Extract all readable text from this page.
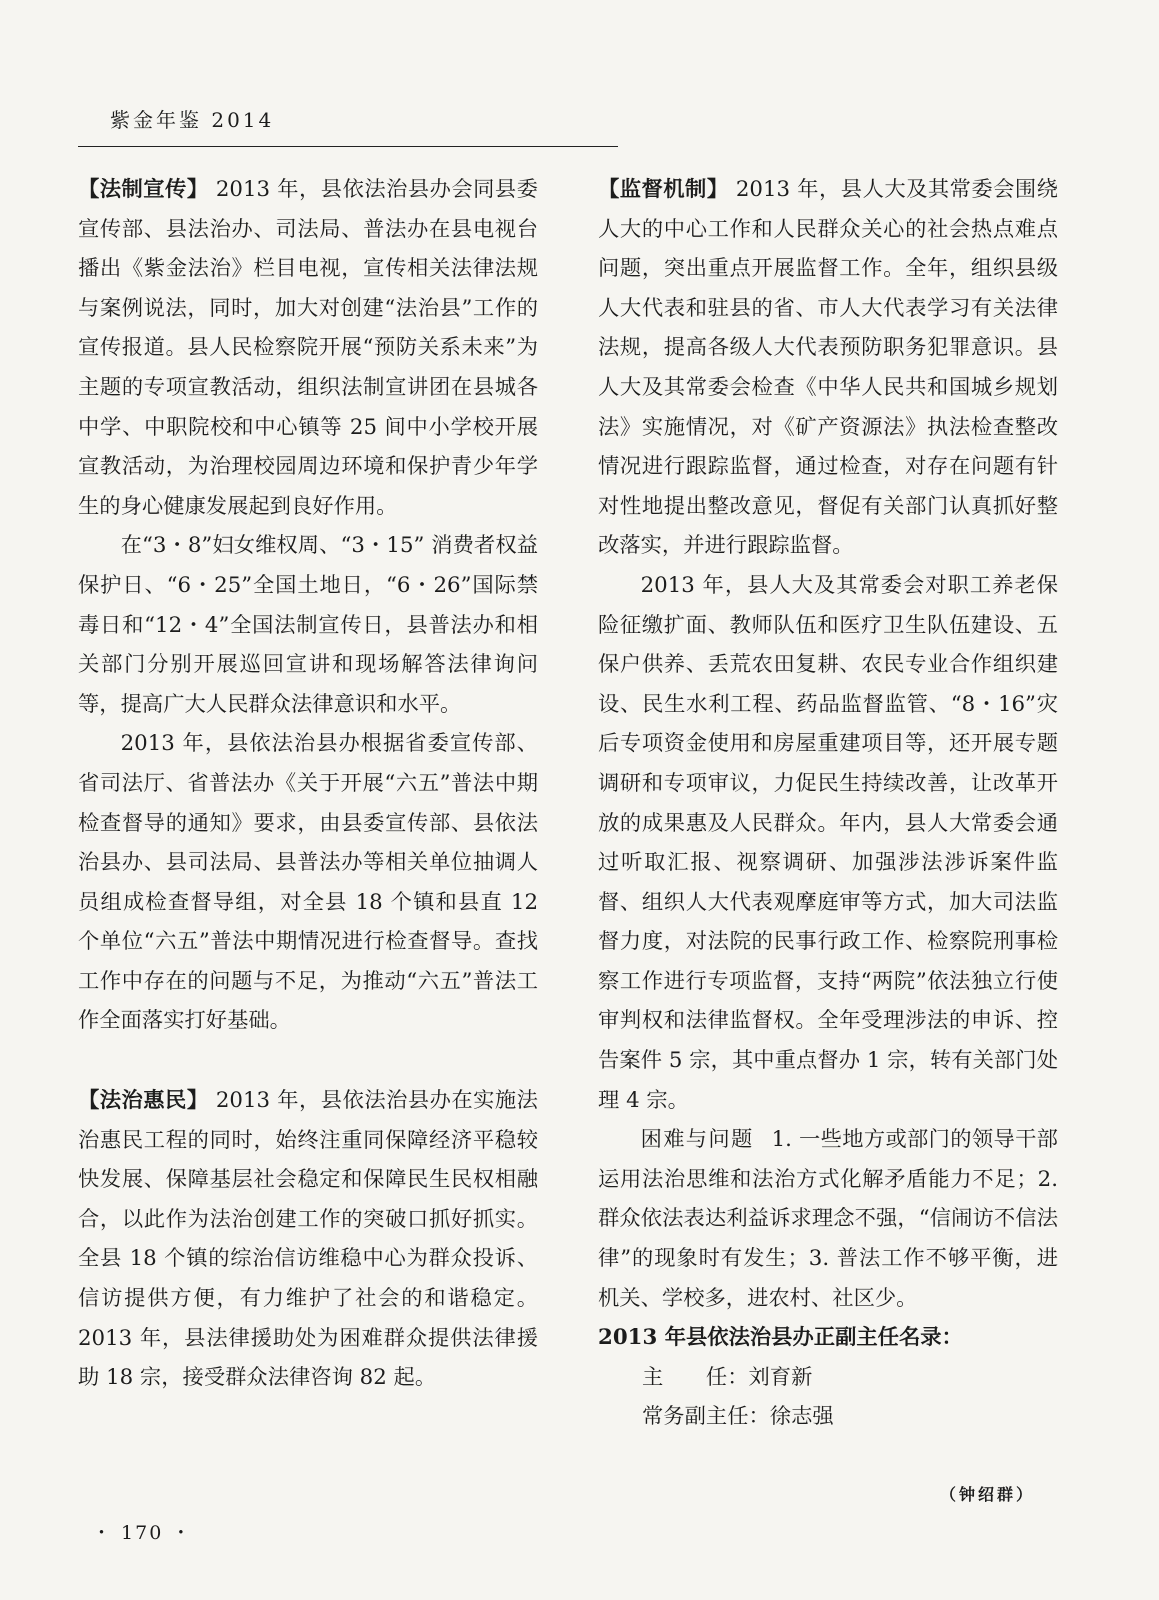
紫金年鉴 2014

【法制宣传】 2013 年，县依法治县办会同县委宣传部、县法治办、司法局、普法办在县电视台播出《紫金法治》栏目电视，宣传相关法律法规与案例说法，同时，加大对创建“法治县”工作的宣传报道。县人民检察院开展“预防关系未来”为主题的专项宣教活动，组织法制宣讲团在县城各中学、中职院校和中心镇等 25 间中小学校开展宣教活动，为治理校园周边环境和保护青少年学生的身心健康发展起到良好作用。

在“3・8”妇女维权周、“3・15” 消费者权益保护日、“6・25”全国土地日，“6・26”国际禁毒日和“12・4”全国法制宣传日，县普法办和相关部门分别开展巡回宣讲和现场解答法律询问等，提高广大人民群众法律意识和水平。

2013 年，县依法治县办根据省委宣传部、省司法厅、省普法办《关于开展“六五”普法中期检查督导的通知》要求，由县委宣传部、县依法治县办、县司法局、县普法办等相关单位抽调人员组成检查督导组，对全县 18 个镇和县直 12 个单位“六五”普法中期情况进行检查督导。查找工作中存在的问题与不足，为推动“六五”普法工作全面落实打好基础。

【法治惠民】 2013 年，县依法治县办在实施法治惠民工程的同时，始终注重同保障经济平稳较快发展、保障基层社会稳定和保障民生民权相融合，以此作为法治创建工作的突破口抓好抓实。全县 18 个镇的综治信访维稳中心为群众投诉、信访提供方便，有力维护了社会的和谐稳定。2013 年，县法律援助处为困难群众提供法律援助 18 宗，接受群众法律咨询 82 起。

【监督机制】 2013 年，县人大及其常委会围绕人大的中心工作和人民群众关心的社会热点难点问题，突出重点开展监督工作。全年，组织县级人大代表和驻县的省、市人大代表学习有关法律法规，提高各级人大代表预防职务犯罪意识。县人大及其常委会检查《中华人民共和国城乡规划法》实施情况，对《矿产资源法》执法检查整改情况进行跟踪监督，通过检查，对存在问题有针对性地提出整改意见，督促有关部门认真抓好整改落实，并进行跟踪监督。

2013 年，县人大及其常委会对职工养老保险征缴扩面、教师队伍和医疗卫生队伍建设、五保户供养、丢荒农田复耕、农民专业合作组织建设、民生水利工程、药品监督监管、“8・16”灾后专项资金使用和房屋重建项目等，还开展专题调研和专项审议，力促民生持续改善，让改革开放的成果惠及人民群众。年内，县人大常委会通过听取汇报、视察调研、加强涉法涉诉案件监督、组织人大代表观摩庭审等方式，加大司法监督力度，对法院的民事行政工作、检察院刑事检察工作进行专项监督，支持“两院”依法独立行使审判权和法律监督权。全年受理涉法的申诉、控告案件 5 宗，其中重点督办 1 宗，转有关部门处理 4 宗。

困难与问题 1. 一些地方或部门的领导干部运用法治思维和法治方式化解矛盾能力不足；2. 群众依法表达利益诉求理念不强，“信闹访不信法律”的现象时有发生；3. 普法工作不够平衡，进机关、学校多，进农村、社区少。

2013 年县依法治县办正副主任名录：

主　　任：刘育新

常务副主任：徐志强

（钟绍群）
・ 170 ・
